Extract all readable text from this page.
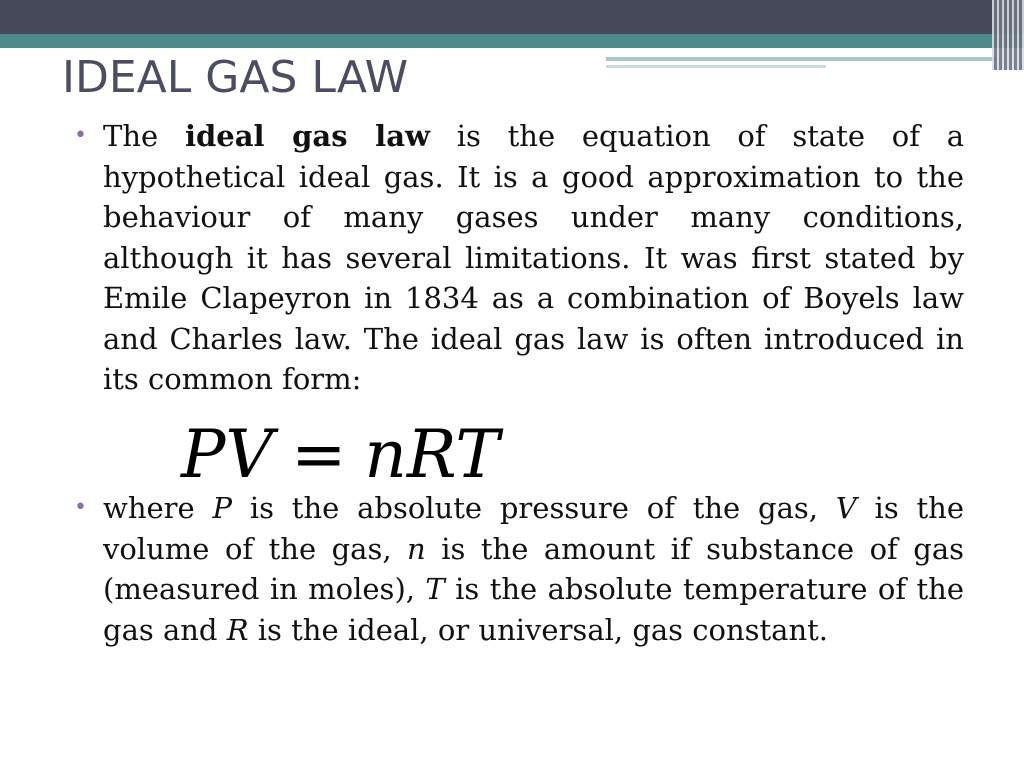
IDEAL GAS LAW
• The ideal gas law is the equation of state of a hypothetical ideal gas. It is a good approximation to the behaviour of many gases under many conditions, although it has several limitations. It was first stated by Emile Clapeyron in 1834 as a combination of Boyels law and Charles law. The ideal gas law is often introduced in its common form:
PV = nRT
• where P is the absolute pressure of the gas, V is the volume of the gas, n is the amount if substance of gas (measured in moles), T is the absolute temperature of the gas and R is the ideal, or universal, gas constant.
